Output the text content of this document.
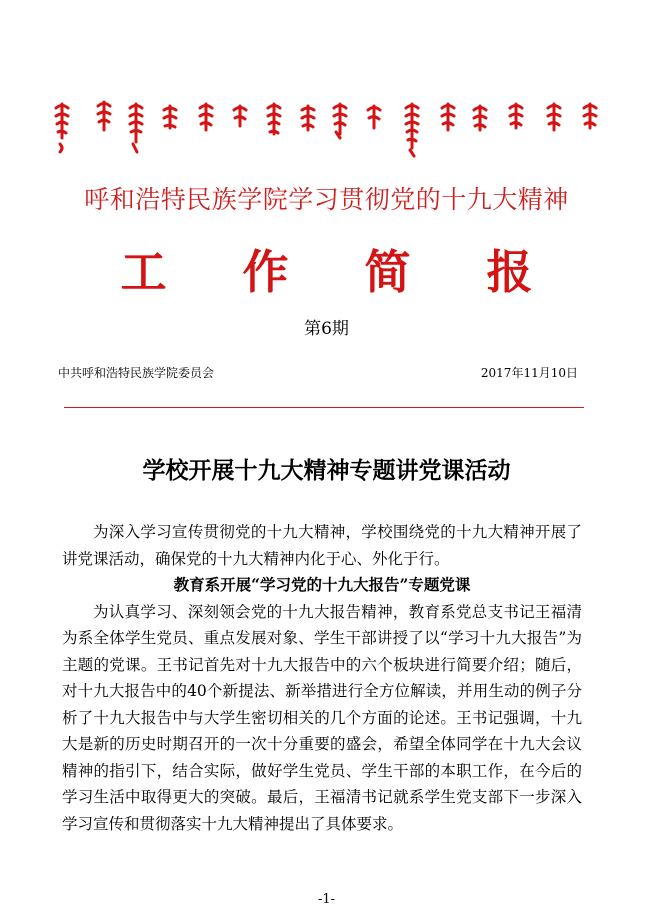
呼和浩特民族学院学习贯彻党的十九大精神
工 作 简 报
第6期
中共呼和浩特民族学院委员会	2017年11月10日
学校开展十九大精神专题讲党课活动

为深入学习宣传贯彻党的十九大精神，学校围绕党的十九大精神开展了讲党课活动，确保党的十九大精神内化于心、外化于行。

教育系开展“学习党的十九大报告”专题党课

为认真学习、深刻领会党的十九大报告精神，教育系党总支书记王福清为系全体学生党员、重点发展对象、学生干部讲授了以“学习十九大报告”为主题的党课。王书记首先对十九大报告中的六个板块进行简要介绍；随后，对十九大报告中的40个新提法、新举措进行全方位解读，并用生动的例子分析了十九大报告中与大学生密切相关的几个方面的论述。王书记强调，十九大是新的历史时期召开的一次十分重要的盛会，希望全体同学在十九大会议精神的指引下，结合实际，做好学生党员、学生干部的本职工作，在今后的学习生活中取得更大的突破。最后，王福清书记就系学生党支部下一步深入学习宣传和贯彻落实十九大精神提出了具体要求。

-1-
